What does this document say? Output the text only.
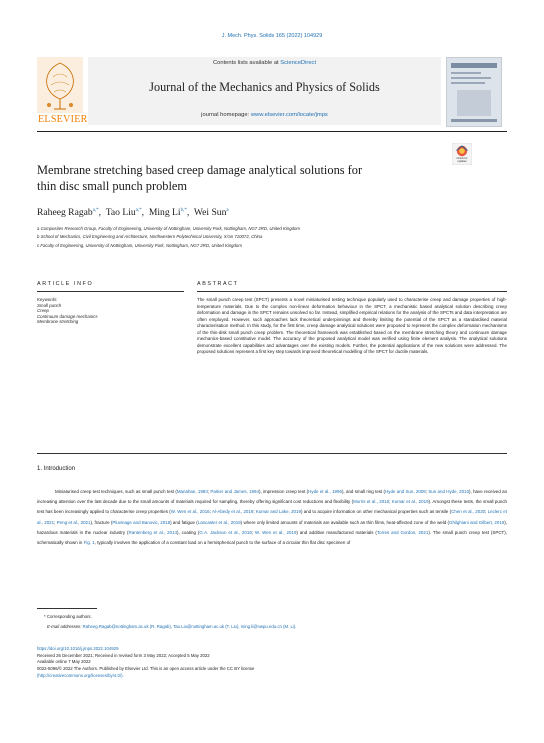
J. Mech. Phys. Solids 165 (2022) 104929
ELSEVIER
Contents lists available at ScienceDirect
Journal of the Mechanics and Physics of Solids
journal homepage: www.elsevier.com/locate/jmps
Check for
updates
Membrane stretching based creep damage analytical solutions for
thin disc small punch problem
Raheeg Ragab$^{a,*}$,  Tao Liu$^{a,*}$,  Ming $Li^{b,*}$,  Wei Sun$^a$
a Composites Research Group, Faculty of Engineering, University of Nottingham, University Park, Nottingham, NG7 2RD, United Kingdom
b School of Mechanics, Civil Engineering and Architecture, Northwestern Polytechnical University, Xi'an 710072, China
c Faculty of Engineering, University of Nottingham, University Park, Nottingham, NG7 2RD, United Kingdom
ARTICLE INFO	ABSTRACT
Keywords:
Small punch
Creep
Continuum damage mechanics
Membrane stretching
The small punch creep test (SPCT) presents a novel miniaturised testing technique popularly used to characterise creep and damage properties of high-temperature materials. Due to the complex non-linear deformation behaviour in the SPCT, a mechanistic based analytical solution describing creep deformation and damage in the SPCT remains unsolved so far. Instead, simplified empirical relations for the analysis of the SPCTs and data interpretation are often employed. However, such approaches lack theoretical underpinnings and thereby limiting the potential of the SPCT as a standardised material characterisation method. In this study, for the first time, creep damage analytical solutions were proposed to represent the complex deformation mechanisms of the thin-disk small punch creep problem. The theoretical framework was established based on the membrane stretching theory and continuum damage mechanics-based constitutive model. The accuracy of the proposed analytical model was verified using finite element analysis. The analytical solutions demonstrate excellent capabilities and advantages over the existing models. Further, the potential applications of the new solutions were addressed. The proposed solutions represent a first key step towards improved theoretical modelling of the SPCT for ductile materials.
1. Introduction
Miniaturised creep test techniques, such as small punch test (Manahan, 1983; Parker and James, 1994), impression creep test (Hyde et al., 1996), and small ring test (Hyde and Sun, 2009; Sun and Hyde, 2010), have received an increasing attention over the last decade due to the small amounts of materials required for sampling, thereby offering significant cost reductions and flexibility (Morris et al., 2016; Kumar et al., 2019). Amongst these tests, the small punch test has been increasingly applied to characterise creep properties (W. Wen et al., 2016; Al-Abedy et al., 2019; Kumar and Lake, 2019) and to acquire information on other mechanical properties such as tensile (Chen et al., 2020; Leclerc et al., 2021; Peng et al., 2021), fracture (Pluvinage and Banovic, 2018) and fatigue (Lancaster et al., 2019) where only limited amounts of materials are available such as thin films, heat-affected zone of the weld (Ghilghiani and Gilbert, 2019), hazardous materials in the nuclear industry (Rantenberg et al., 2014), coating (G.A. Jackson et al., 2019; W. Wen et al., 2019) and additive manufactured materials (Torres and Gordon, 2021). The small punch creep test (SPCT), schematically shown in Fig. 1, typically involves the application of a constant load on a hemispherical punch to the surface of a circular thin flat disc specimen of
* Corresponding authors.
E-mail addresses: Raheeg.Ragab@nottingham.ac.uk (R. Ragab), Tao.Liu@nottingham.ac.uk (T. Liu), ming.li@nwpu.edu.cn (M. Li).
https://doi.org/10.1016/j.jmps.2022.104929
Received 26 December 2021; Received in revised form 3 May 2022; Accepted 5 May 2022
Available online 7 May 2022
0022-5096/© 2022 The Authors. Published by Elsevier Ltd. This is an open access article under the CC BY license
(http://creativecommons.org/licenses/by/4.0/).
